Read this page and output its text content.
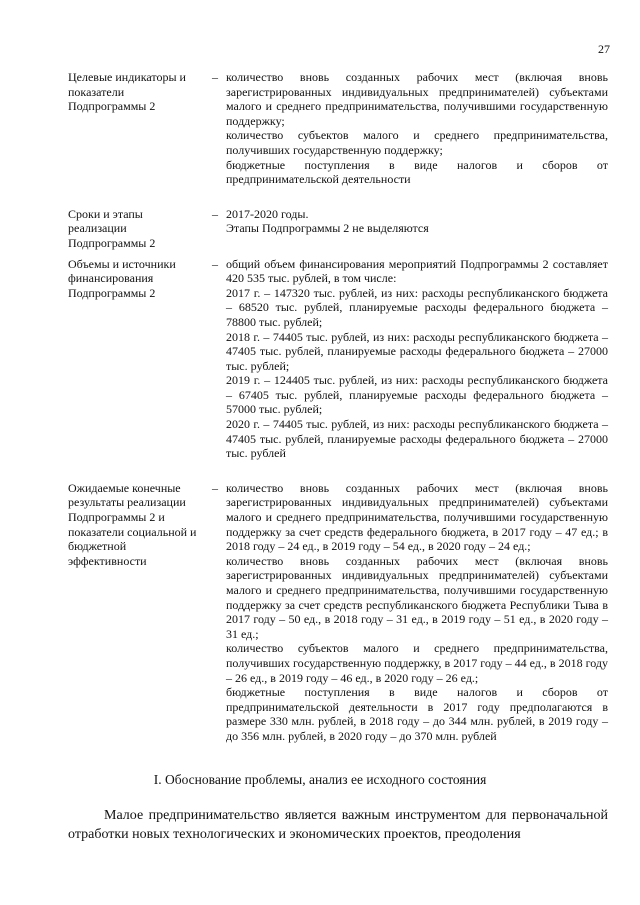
27
Целевые индикаторы и показатели Подпрограммы 2
– количество вновь созданных рабочих мест (включая вновь зарегистрированных индивидуальных предпринимателей) субъектами малого и среднего предпринимательства, получившими государственную поддержку;

количество субъектов малого и среднего предпринимательства, получивших государственную поддержку;

бюджетные поступления в виде налогов и сборов от предпринимательской деятельности

Сроки и этапы реализации Подпрограммы 2
– 2017-2020 годы.

Этапы Подпрограммы 2 не выделяются

Объемы и источники финансирования Подпрограммы 2
– общий объем финансирования мероприятий Подпрограммы 2 составляет 420 535 тыс. рублей, в том числе:

2017 г. – 147320 тыс. рублей, из них: расходы республиканского бюджета – 68520 тыс. рублей, планируемые расходы федерального бюджета – 78800 тыс. рублей;

2018 г. – 74405 тыс. рублей, из них: расходы республиканского бюджета – 47405 тыс. рублей, планируемые расходы федерального бюджета – 27000 тыс. рублей;

2019 г. – 124405 тыс. рублей, из них: расходы республиканского бюджета – 67405 тыс. рублей, планируемые расходы федерального бюджета – 57000 тыс. рублей;

2020 г. – 74405 тыс. рублей, из них: расходы республиканского бюджета – 47405 тыс. рублей, планируемые расходы федерального бюджета – 27000 тыс. рублей

Ожидаемые конечные результаты реализации Подпрограммы 2 и показатели социальной и бюджетной эффективности
– количество вновь созданных рабочих мест (включая вновь зарегистрированных индивидуальных предпринимателей) субъектами малого и среднего предпринимательства, получившими государственную поддержку за счет средств федерального бюджета, в 2017 году – 47 ед.; в 2018 году – 24 ед., в 2019 году – 54 ед., в 2020 году – 24 ед.;

количество вновь созданных рабочих мест (включая вновь зарегистрированных индивидуальных предпринимателей) субъектами малого и среднего предпринимательства, получившими государственную поддержку за счет средств республиканского бюджета Республики Тыва в 2017 году – 50 ед., в 2018 году – 31 ед., в 2019 году – 51 ед., в 2020 году – 31 ед.;

количество субъектов малого и среднего предпринимательства, получивших государственную поддержку, в 2017 году – 44 ед., в 2018 году – 26 ед., в 2019 году – 46 ед., в 2020 году – 26 ед.;

бюджетные поступления в виде налогов и сборов от предпринимательской деятельности в 2017 году предполагаются в размере 330 млн. рублей, в 2018 году – до 344 млн. рублей, в 2019 году – до 356 млн. рублей, в 2020 году – до 370 млн. рублей

I. Обоснование проблемы, анализ ее исходного состояния
Малое предпринимательство является важным инструментом для первоначальной отработки новых технологических и экономических проектов, преодоления
